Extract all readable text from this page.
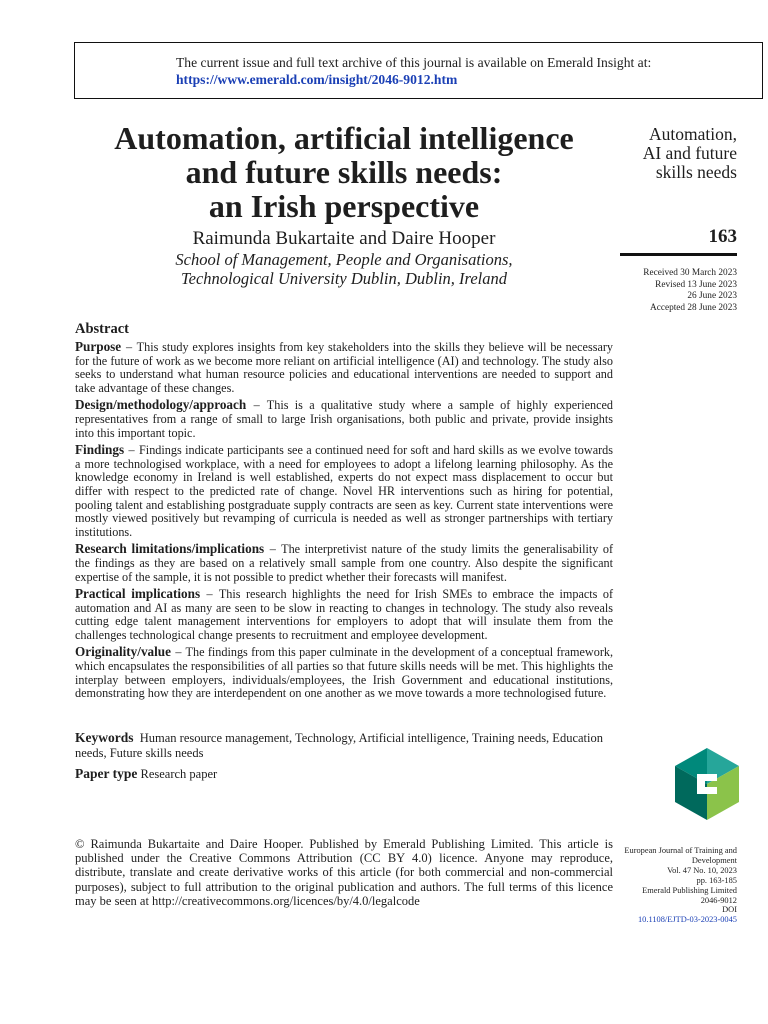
The current issue and full text archive of this journal is available on Emerald Insight at:
https://www.emerald.com/insight/2046-9012.htm
Automation, artificial intelligence
and future skills needs:
an Irish perspective
Raimunda Bukartaite and Daire Hooper
School of Management, People and Organisations,
Technological University Dublin, Dublin, Ireland
Automation,
AI and future
skills needs
163
Received 30 March 2023
Revised 13 June 2023
26 June 2023
Accepted 28 June 2023
Abstract

Purpose – This study explores insights from key stakeholders into the skills they believe will be necessary for the future of work as we become more reliant on artificial intelligence (AI) and technology. The study also seeks to understand what human resource policies and educational interventions are needed to support and take advantage of these changes.

Design/methodology/approach – This is a qualitative study where a sample of highly experienced representatives from a range of small to large Irish organisations, both public and private, provide insights into this important topic.

Findings – Findings indicate participants see a continued need for soft and hard skills as we evolve towards a more technologised workplace, with a need for employees to adopt a lifelong learning philosophy. As the knowledge economy in Ireland is well established, experts do not expect mass displacement to occur but differ with respect to the predicted rate of change. Novel HR interventions such as hiring for potential, pooling talent and establishing postgraduate supply contracts are seen as key. Current state interventions were mostly viewed positively but revamping of curricula is needed as well as stronger partnerships with tertiary institutions.

Research limitations/implications – The interpretivist nature of the study limits the generalisability of the findings as they are based on a relatively small sample from one country. Also despite the significant expertise of the sample, it is not possible to predict whether their forecasts will manifest.

Practical implications – This research highlights the need for Irish SMEs to embrace the impacts of automation and AI as many are seen to be slow in reacting to changes in technology. The study also reveals cutting edge talent management interventions for employers to adopt that will insulate them from the challenges technological change presents to recruitment and employee development.

Originality/value – The findings from this paper culminate in the development of a conceptual framework, which encapsulates the responsibilities of all parties so that future skills needs will be met. This highlights the interplay between employers, individuals/employees, the Irish Government and educational institutions, demonstrating how they are interdependent on one another as we move towards a more technologised future.

Keywords Human resource management, Technology, Artificial intelligence, Training needs, Education needs, Future skills needs
Paper type Research paper
© Raimunda Bukartaite and Daire Hooper. Published by Emerald Publishing Limited. This article is published under the Creative Commons Attribution (CC BY 4.0) licence. Anyone may reproduce, distribute, translate and create derivative works of this article (for both commercial and non-commercial purposes), subject to full attribution to the original publication and authors. The full terms of this licence may be seen at http://creativecommons.org/licences/by/4.0/legalcode
European Journal of Training and
Development
Vol. 47 No. 10, 2023
pp. 163-185
Emerald Publishing Limited
2046-9012
DOI
10.1108/EJTD-03-2023-0045
